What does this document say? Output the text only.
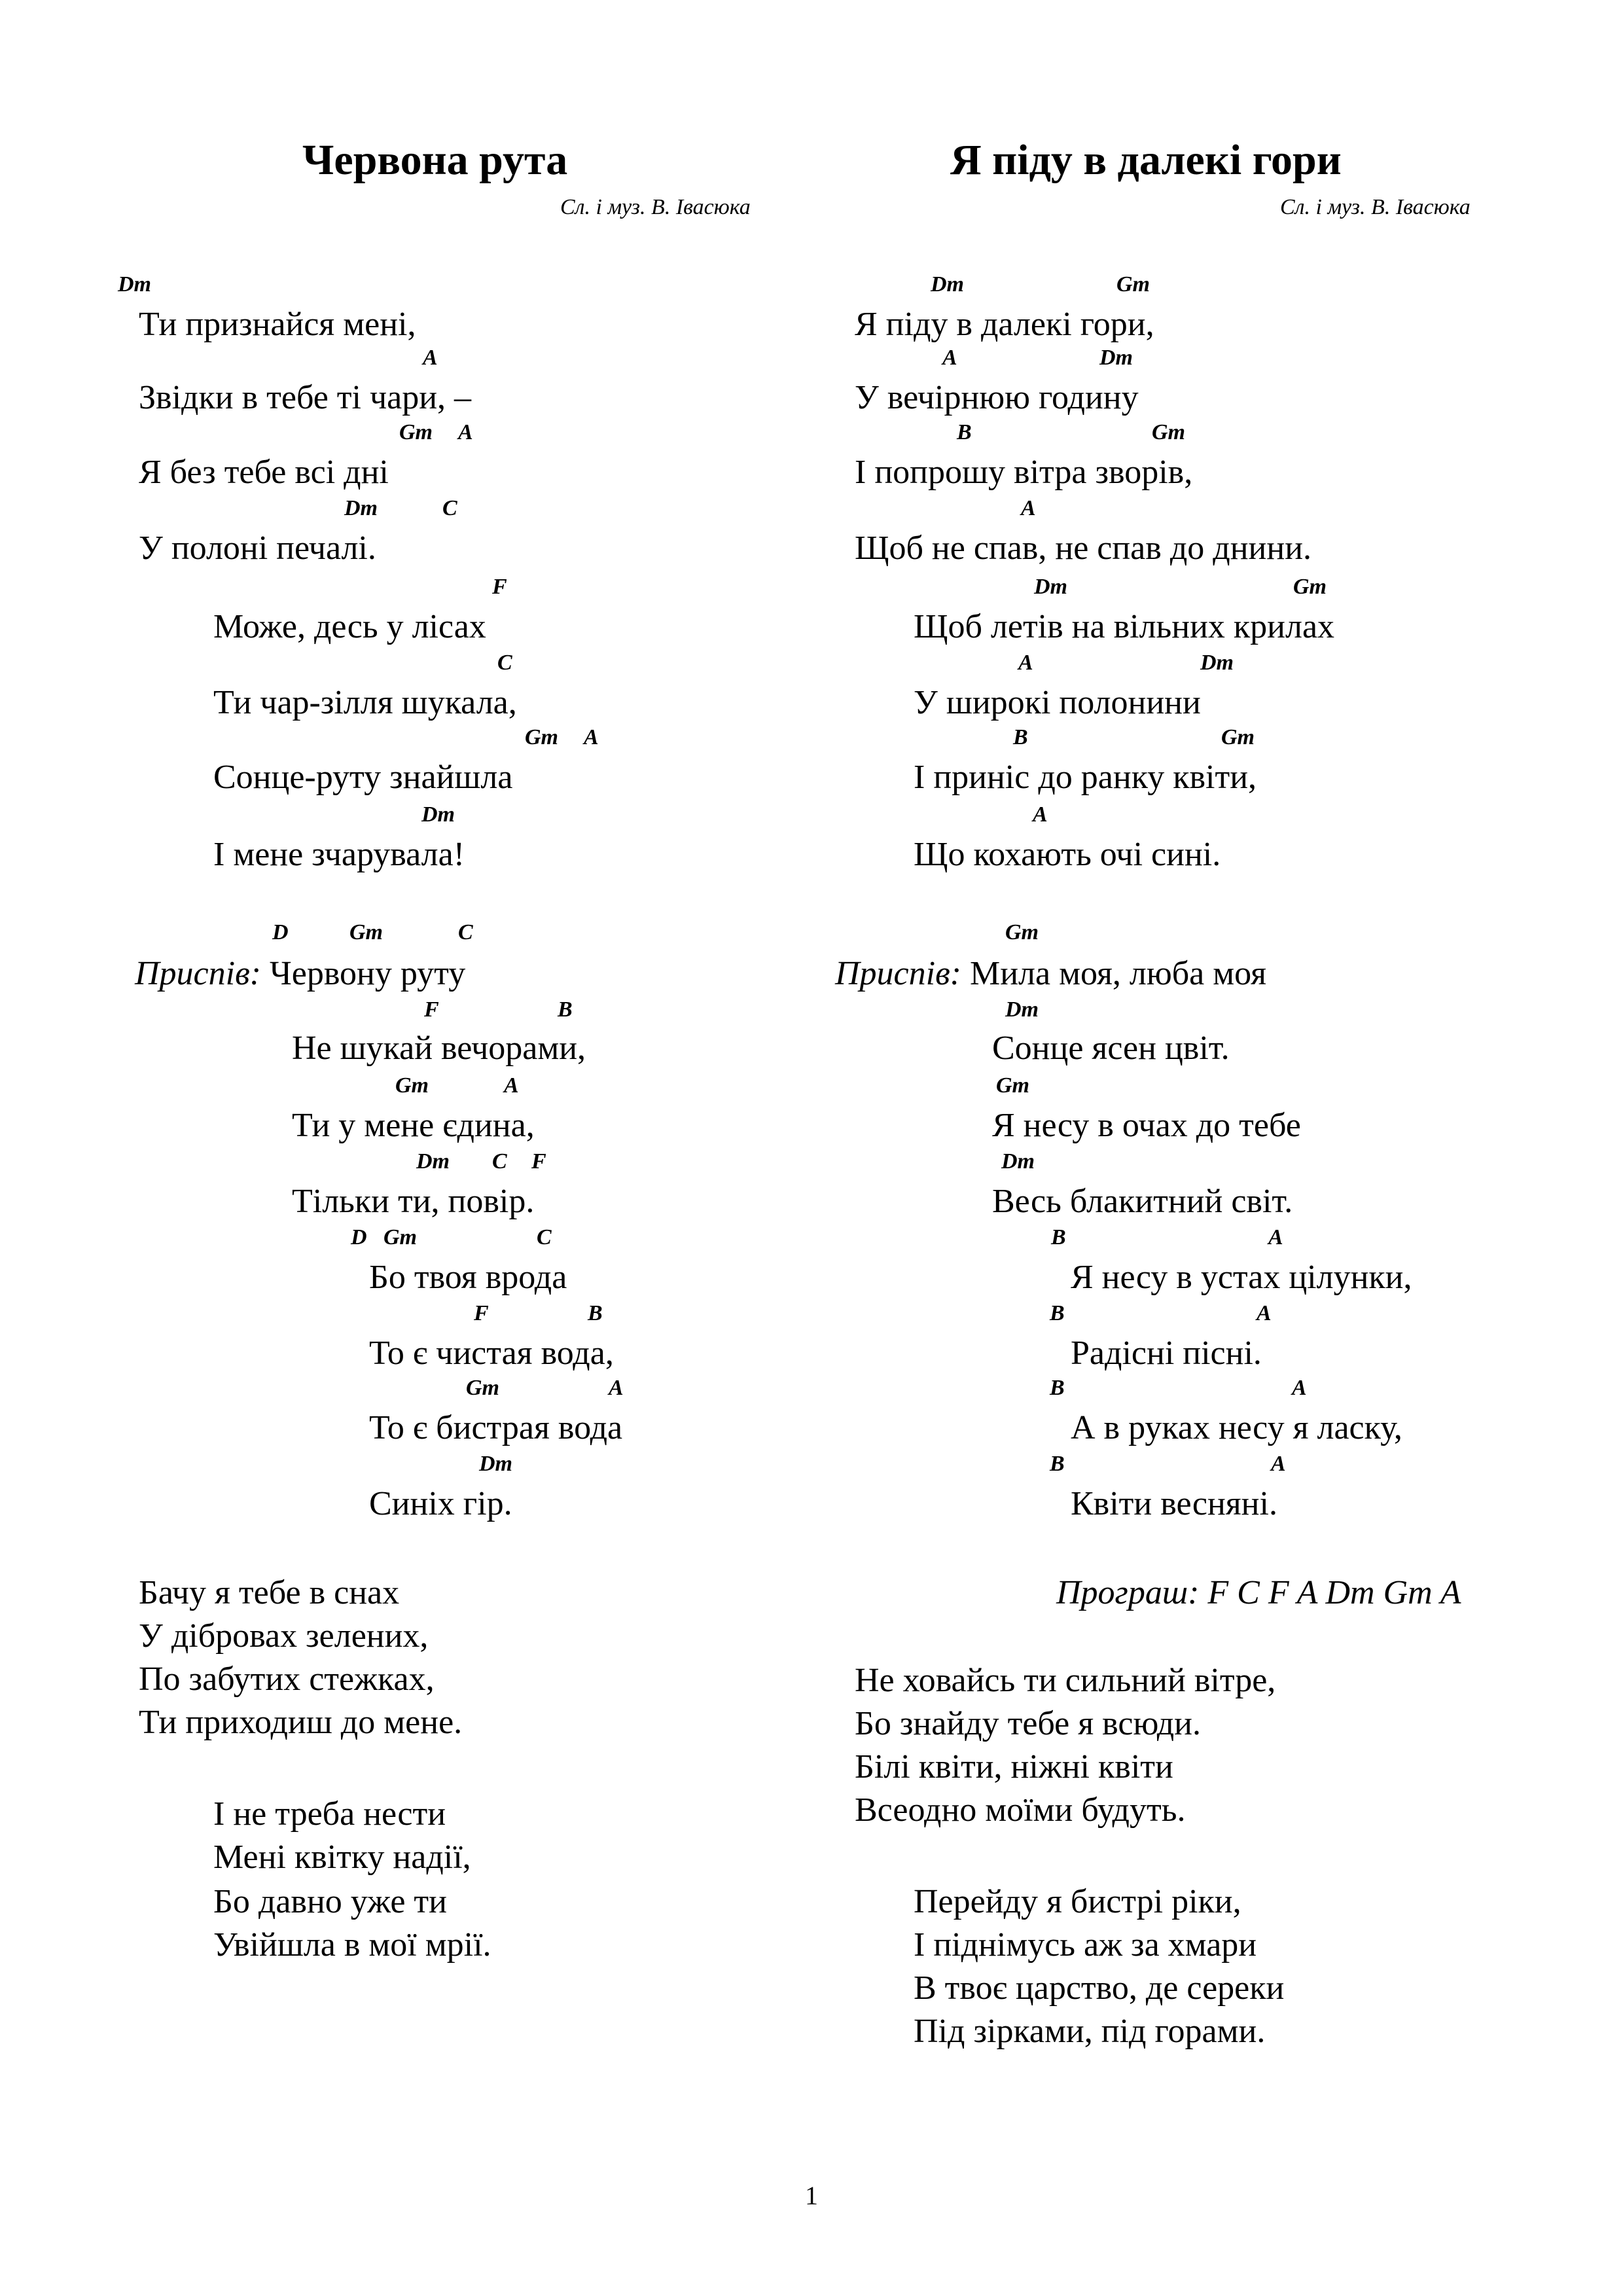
Червона рута
Сл. і муз. В. Івасюка
Я піду в далекі гори
Сл. і муз. В. Івасюка
Dm
Ти признайся мені,
A
Звідки в тебе ті чари, –
Gm A
Я без тебе всі дні
Dm	C
У полоні печалі.
F
Може, десь у лісах
C
Ти чар-зілля шукала,
Gm A
Сонце-руту знайшла
Dm
І мене зчарувала!
D	Gm	C
Приспів: Червону руту
F	B
Не шукай вечорами,
Gm	A
Ти у мене єдина,
Dm C F
Тільки ти, повір.
D Gm	C
Бо твоя врода
F	B
То є чистая вода,
Gm	A
То є бистрая вода
Dm
Синіх гір.
Бачу я тебе в снах
У дібровах зелених,
По забутих стежках,
Ти приходиш до мене.
І не треба нести
Мені квітку надії,
Бо давно уже ти
Увійшла в мої мрії.
Dm	Gm
Я піду в далекі гори,
A	Dm
У вечірнюю годину
B	Gm
І попрошу вітра зворів,
A
Щоб не спав, не спав до днини.
Dm	Gm
Щоб летів на вільних крилах
A	Dm
У широкі полонини
B	Gm
І приніс до ранку квіти,
A
Що кохають очі сині.
Gm
Приспів: Мила моя, люба моя
Dm
Сонце ясен цвіт.
Gm
Я несу в очах до тебе
Dm
Весь блакитний світ.
B	A
Я несу в устах цілунки,
B	A
Радісні пісні.
B	A
А в руках несу я ласку,
B	A
Квіти весняні.
Не ховайсь ти сильний вітре,
Бо знайду тебе я всюди.
Білі квіти, ніжні квіти
Всеодно моїми будуть.
Перейду я бистрі ріки,
І піднімусь аж за хмари
В твоє царство, де сереки
Під зірками, під горами.
Програш: F C F A Dm Gm A
1
